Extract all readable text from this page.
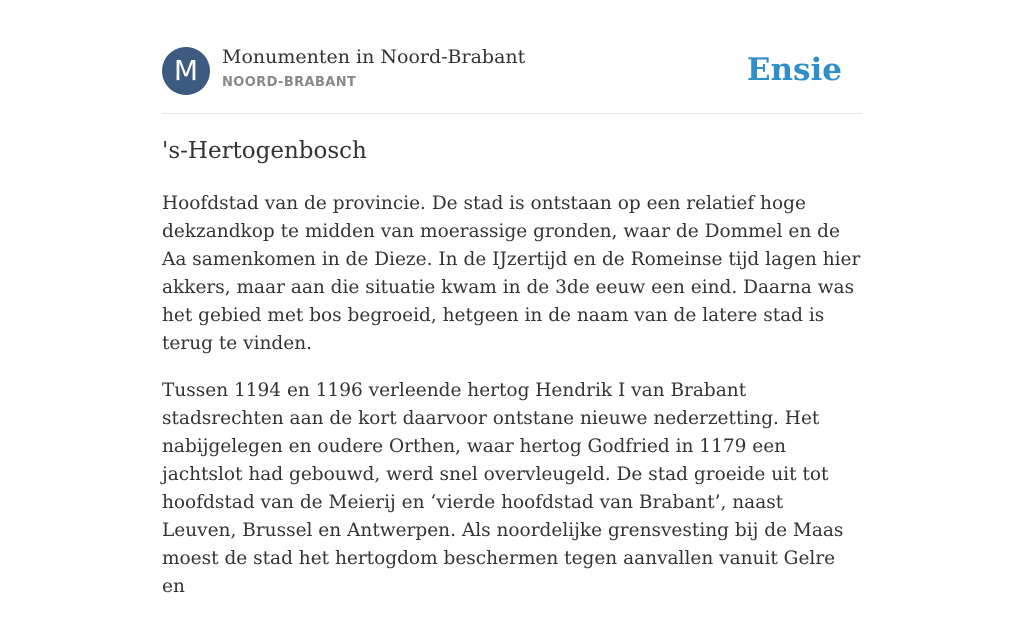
M	Monumenten in Noord-Brabant
NOORD-BRABANT	Ensie
's-Hertogenbosch

Hoofdstad van de provincie. De stad is ontstaan op een relatief hoge dekzandkop te midden van moerassige gronden, waar de Dommel en de Aa samenkomen in de Dieze. In de IJzertijd en de Romeinse tijd lagen hier akkers, maar aan die situatie kwam in de 3de eeuw een eind. Daarna was het gebied met bos begroeid, hetgeen in de naam van de latere stad is terug te vinden.

Tussen 1194 en 1196 verleende hertog Hendrik I van Brabant stadsrechten aan de kort daarvoor ontstane nieuwe nederzetting. Het nabijgelegen en oudere Orthen, waar hertog Godfried in 1179 een jachtslot had gebouwd, werd snel overvleugeld. De stad groeide uit tot hoofdstad van de Meierij en ‘vierde hoofdstad van Brabant’, naast Leuven, Brussel en Antwerpen. Als noordelijke grensvesting bij de Maas moest de stad het hertogdom beschermen tegen aanvallen vanuit Gelre en
